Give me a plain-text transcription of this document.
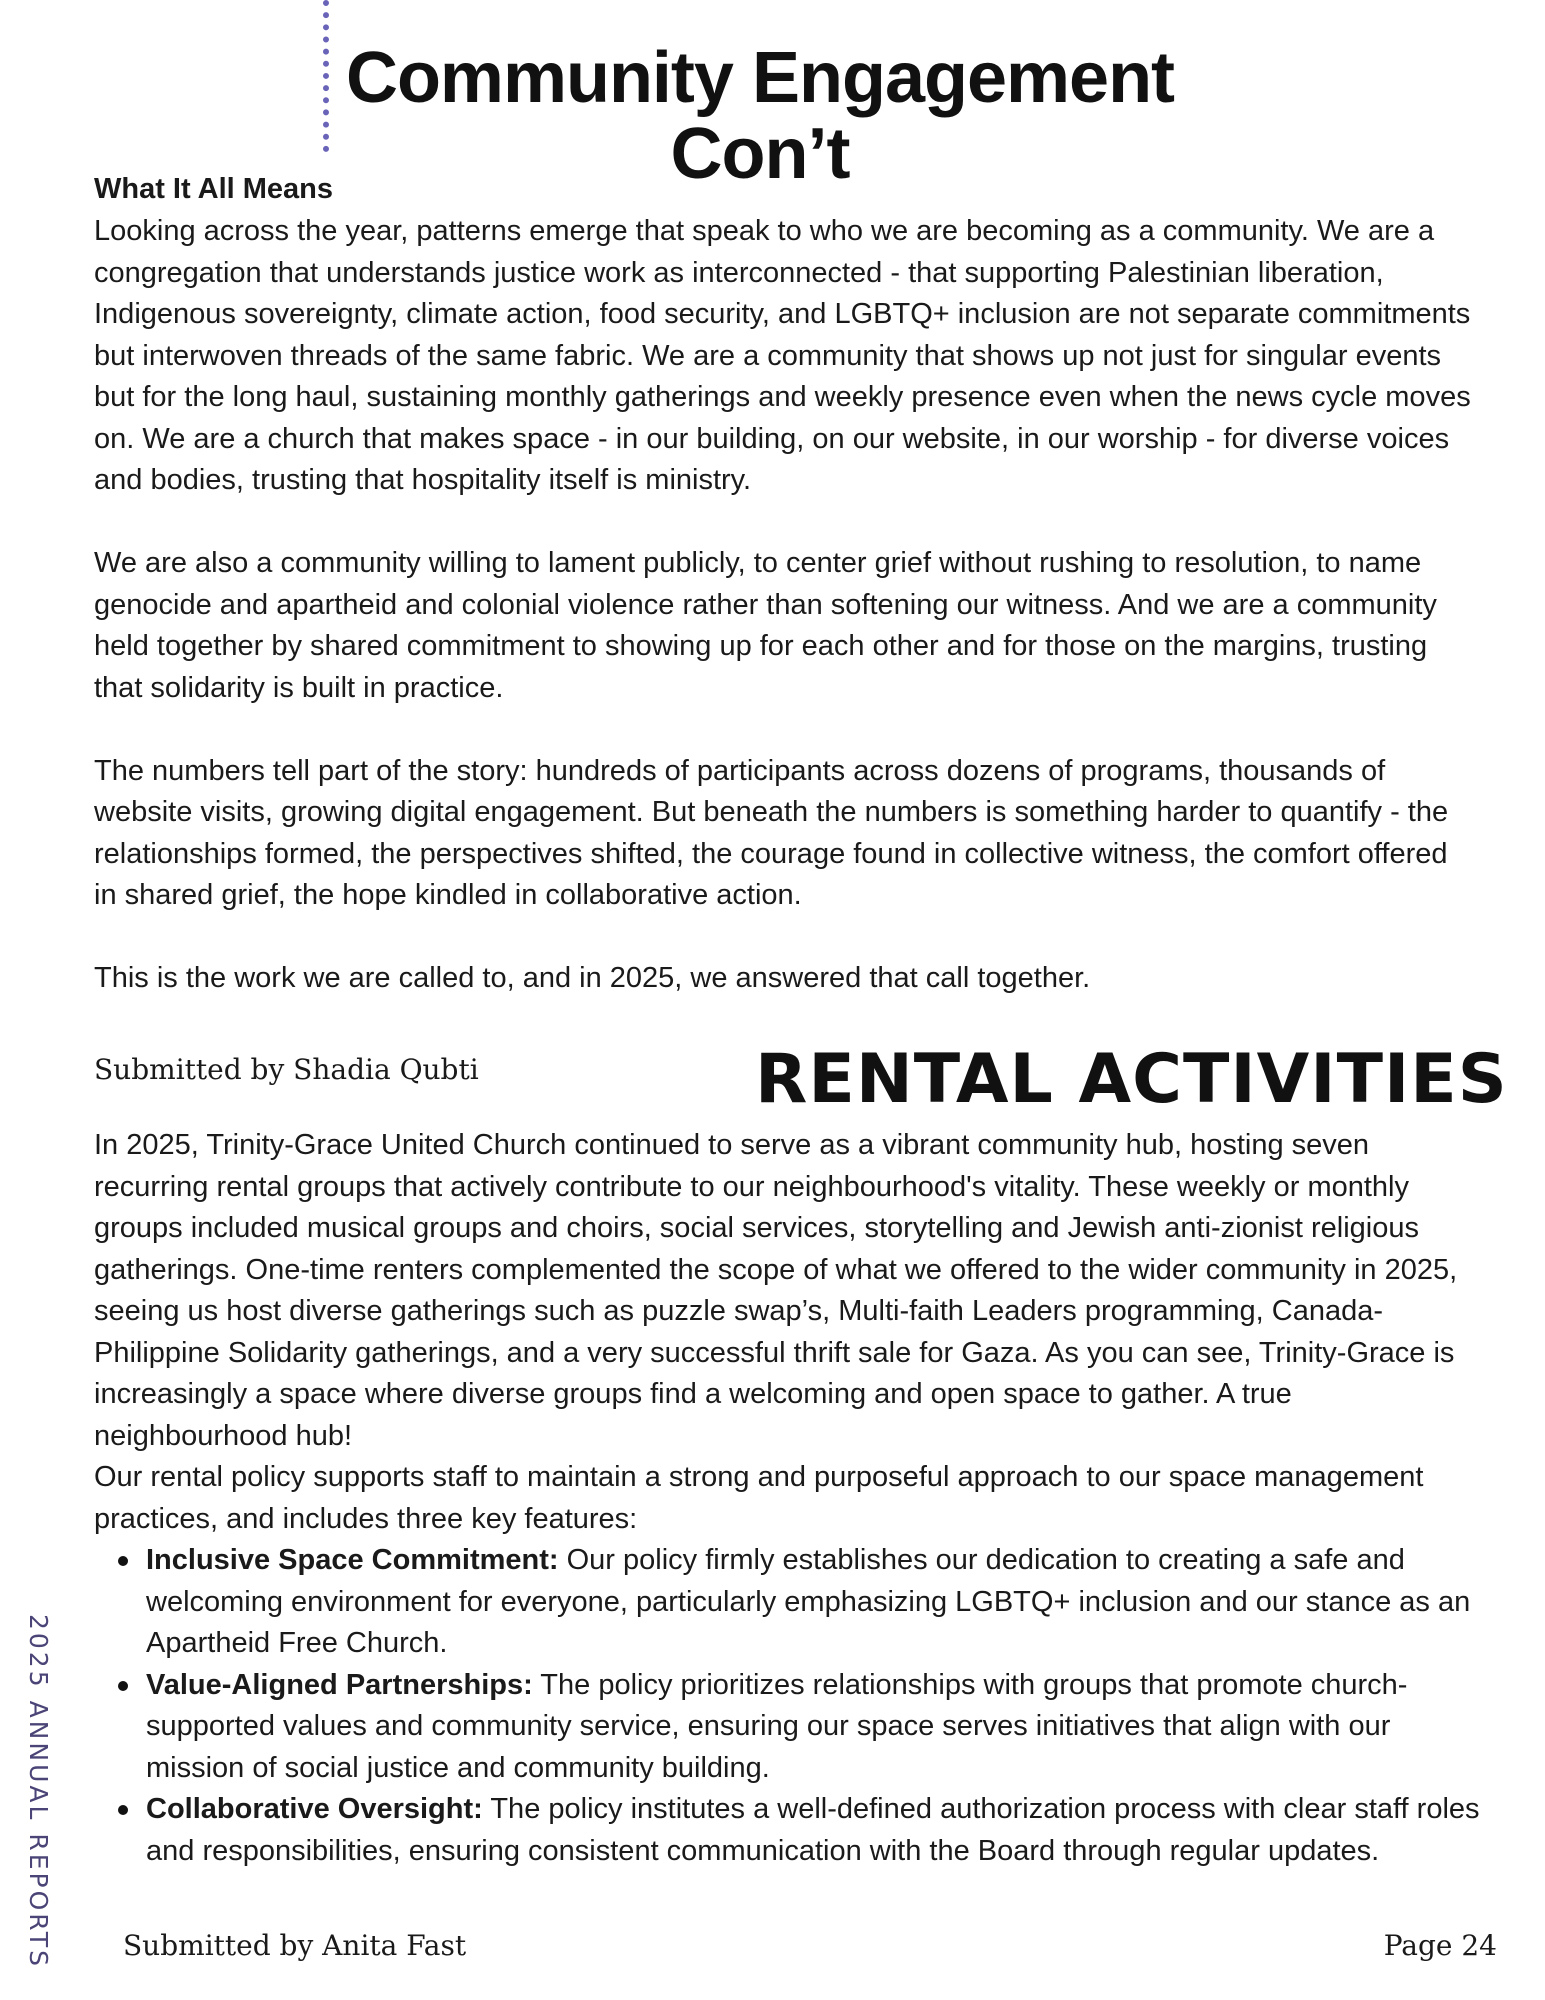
Community Engagement
Con’t
What It All Means

Looking across the year, patterns emerge that speak to who we are becoming as a community. We are a congregation that understands justice work as interconnected - that supporting Palestinian liberation, Indigenous sovereignty, climate action, food security, and LGBTQ+ inclusion are not separate commitments but interwoven threads of the same fabric. We are a community that shows up not just for singular events but for the long haul, sustaining monthly gatherings and weekly presence even when the news cycle moves on. We are a church that makes space - in our building, on our website, in our worship - for diverse voices and bodies, trusting that hospitality itself is ministry.

We are also a community willing to lament publicly, to center grief without rushing to resolution, to name genocide and apartheid and colonial violence rather than softening our witness. And we are a community held together by shared commitment to showing up for each other and for those on the margins, trusting that solidarity is built in practice.

The numbers tell part of the story: hundreds of participants across dozens of programs, thousands of website visits, growing digital engagement. But beneath the numbers is something harder to quantify - the relationships formed, the perspectives shifted, the courage found in collective witness, the comfort offered in shared grief, the hope kindled in collaborative action.

This is the work we are called to, and in 2025, we answered that call together.

Submitted by Shadia Qubti	RENTAL ACTIVITIES

In 2025, Trinity-Grace United Church continued to serve as a vibrant community hub, hosting seven recurring rental groups that actively contribute to our neighbourhood's vitality. These weekly or monthly groups included musical groups and choirs, social services, storytelling and Jewish anti-zionist religious gatherings. One-time renters complemented the scope of what we offered to the wider community in 2025, seeing us host diverse gatherings such as puzzle swap’s, Multi-faith Leaders programming, Canada-Philippine Solidarity gatherings, and a very successful thrift sale for Gaza. As you can see, Trinity-Grace is increasingly a space where diverse groups find a welcoming and open space to gather. A true neighbourhood hub!

Our rental policy supports staff to maintain a strong and purposeful approach to our space management practices, and includes three key features:

Inclusive Space Commitment: Our policy firmly establishes our dedication to creating a safe and welcoming environment for everyone, particularly emphasizing LGBTQ+ inclusion and our stance as an Apartheid Free Church.
Value-Aligned Partnerships: The policy prioritizes relationships with groups that promote church-supported values and community service, ensuring our space serves initiatives that align with our mission of social justice and community building.
Collaborative Oversight: The policy institutes a well-defined authorization process with clear staff roles and responsibilities, ensuring consistent communication with the Board through regular updates.

Submitted by Anita Fast	Page 24

2025 ANNUAL REPORTS
